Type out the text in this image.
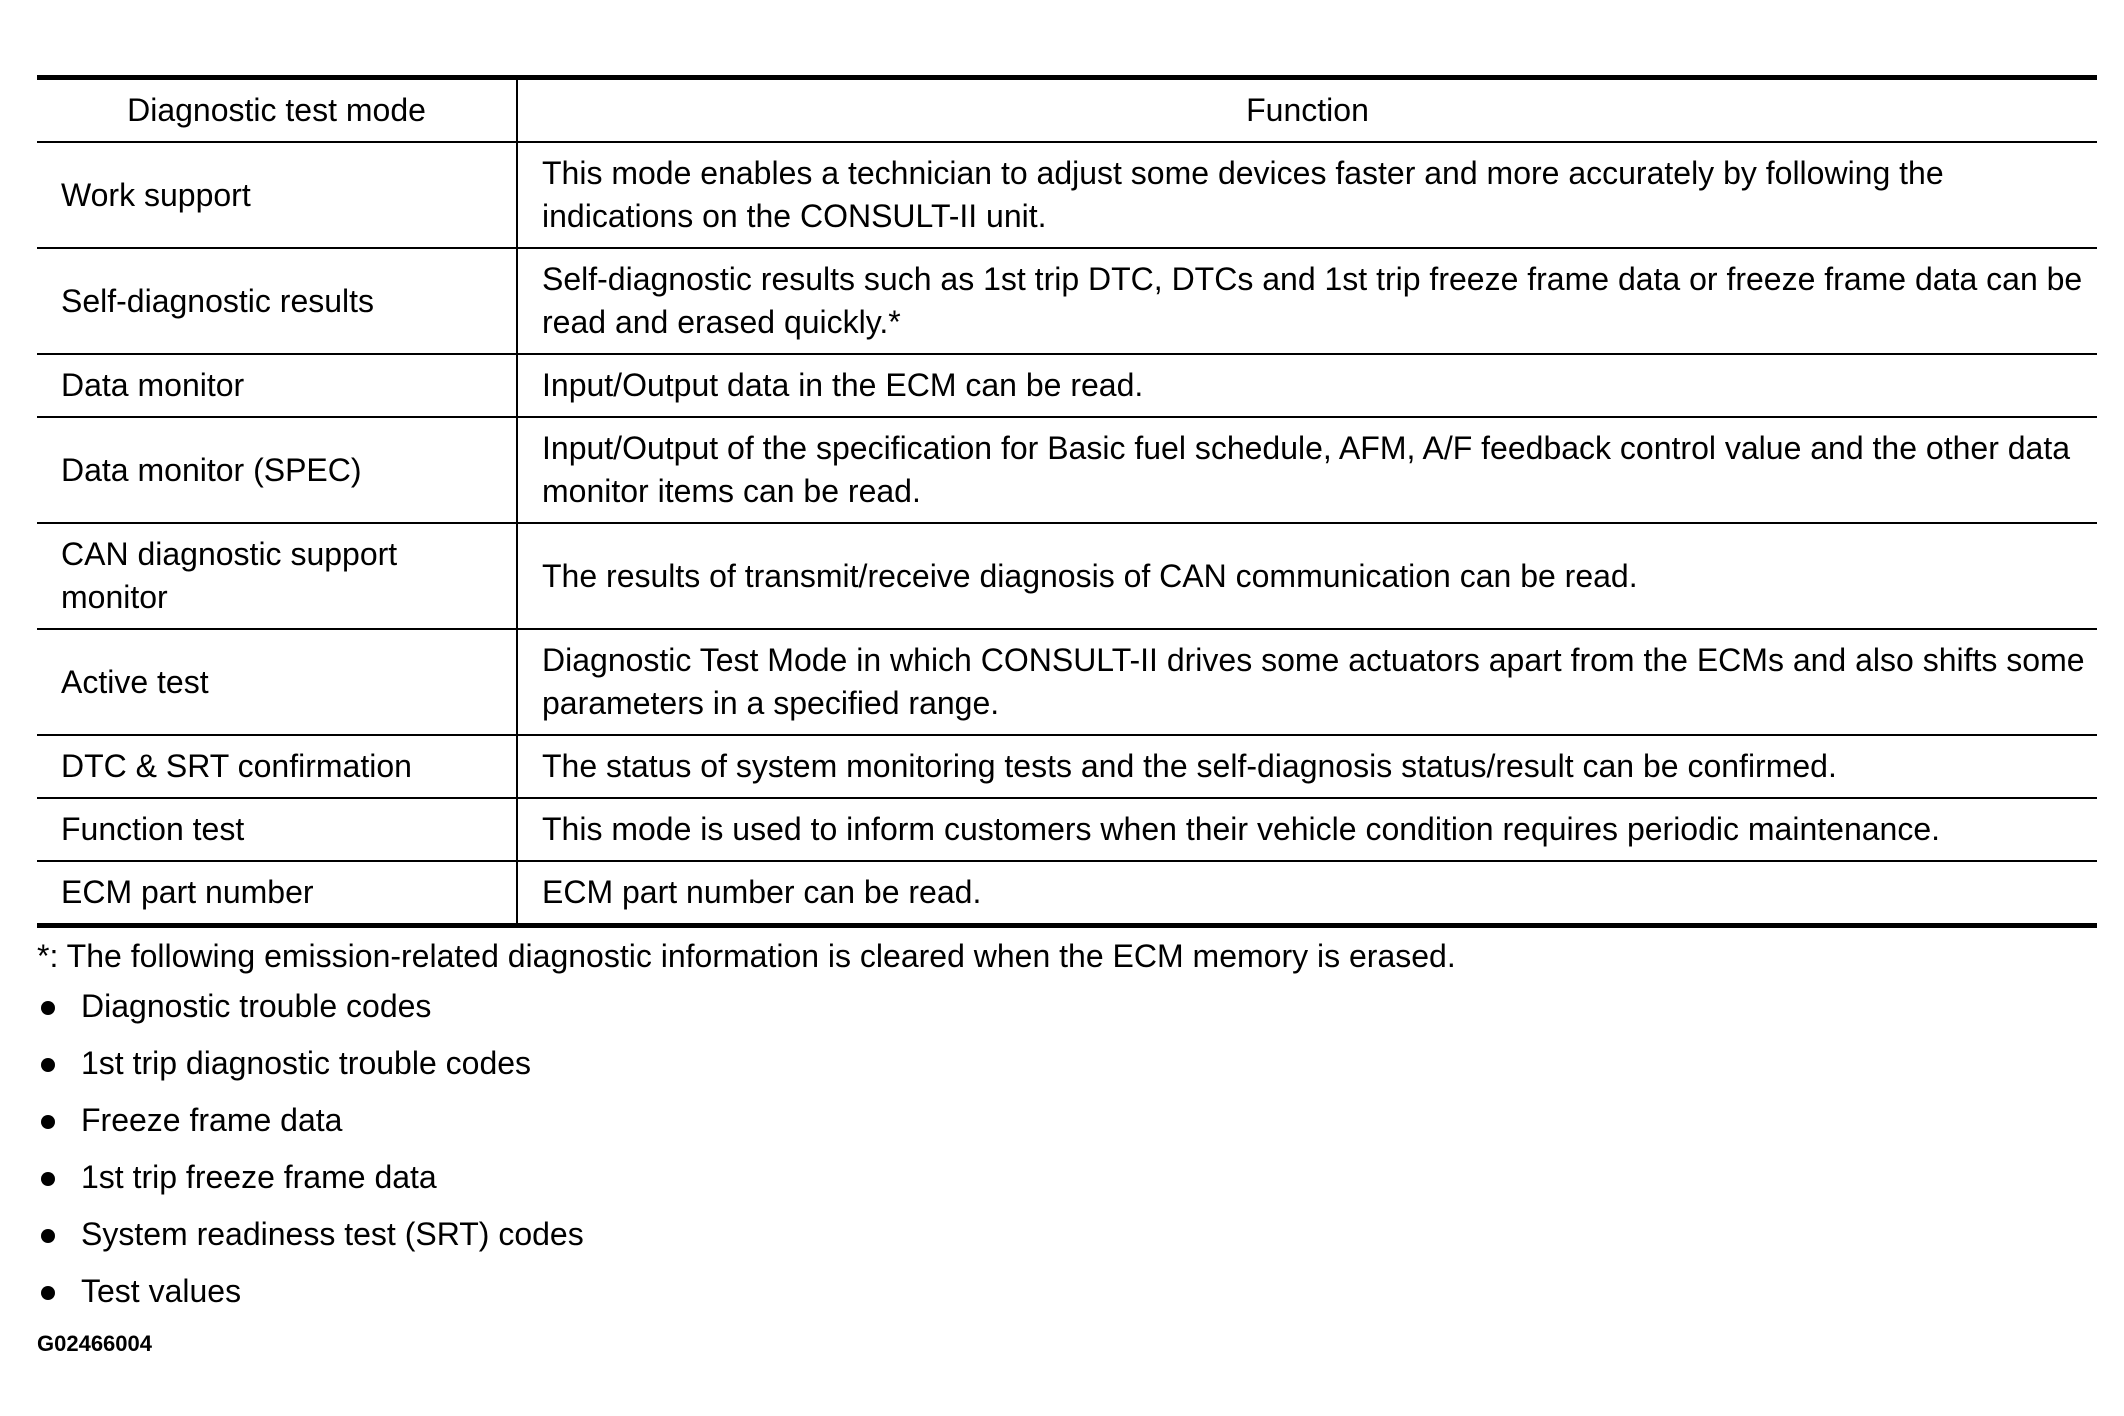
Diagnostic test mode	Function
Work support	This mode enables a technician to adjust some devices faster and more accurately by following the indications on the CONSULT-II unit.
Self-diagnostic results	Self-diagnostic results such as 1st trip DTC, DTCs and 1st trip freeze frame data or freeze frame data can be read and erased quickly.*
Data monitor	Input/Output data in the ECM can be read.
Data monitor (SPEC)	Input/Output of the specification for Basic fuel schedule, AFM, A/F feedback control value and the other data monitor items can be read.
CAN diagnostic support monitor	The results of transmit/receive diagnosis of CAN communication can be read.
Active test	Diagnostic Test Mode in which CONSULT-II drives some actuators apart from the ECMs and also shifts some parameters in a specified range.
DTC & SRT confirmation	The status of system monitoring tests and the self-diagnosis status/result can be confirmed.
Function test	This mode is used to inform customers when their vehicle condition requires periodic maintenance.
ECM part number	ECM part number can be read.
*: The following emission-related diagnostic information is cleared when the ECM memory is erased.
Diagnostic trouble codes
1st trip diagnostic trouble codes
Freeze frame data
1st trip freeze frame data
System readiness test (SRT) codes
Test values
G02466004
